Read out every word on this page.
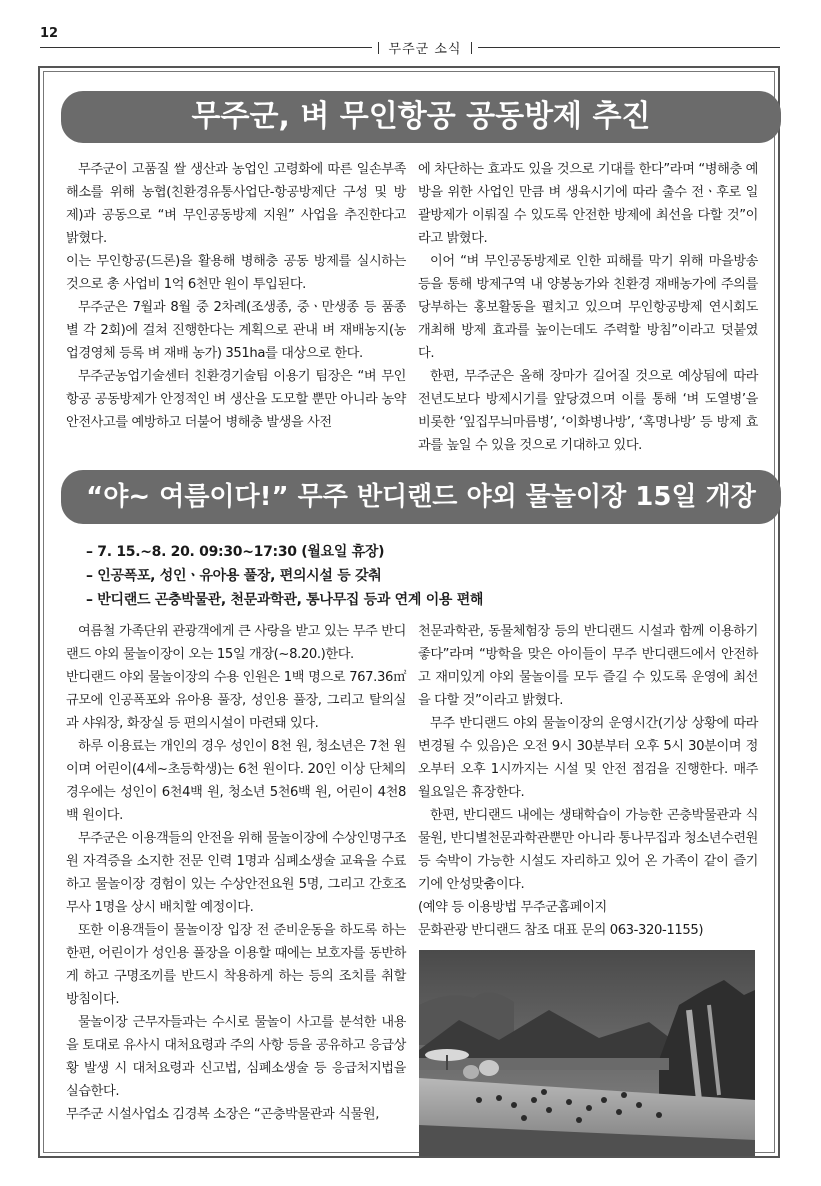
12
무주군 소식
무주군, 벼 무인항공 공동방제 추진

무주군이 고품질 쌀 생산과 농업인 고령화에 따른 일손부족 해소를 위해 농협(친환경유통사업단-항공방제단 구성 및 방제)과 공동으로 “벼 무인공동방제 지원” 사업을 추진한다고 밝혔다.

이는 무인항공(드론)을 활용해 병해충 공동 방제를 실시하는 것으로 총 사업비 1억 6천만 원이 투입된다.

무주군은 7월과 8월 중 2차례(조생종, 중ㆍ만생종 등 품종별 각 2회)에 걸쳐 진행한다는 계획으로 관내 벼 재배농지(농업경영체 등록 벼 재배 농가) 351ha를 대상으로 한다.

무주군농업기술센터 친환경기술팀 이용기 팀장은 “벼 무인항공 공동방제가 안정적인 벼 생산을 도모할 뿐만 아니라 농약안전사고를 예방하고 더불어 병해충 발생을 사전

에 차단하는 효과도 있을 것으로 기대를 한다”라며 “병해충 예방을 위한 사업인 만큼 벼 생육시기에 따라 출수 전ㆍ후로 일괄방제가 이뤄질 수 있도록 안전한 방제에 최선을 다할 것”이라고 밝혔다.

이어 “벼 무인공동방제로 인한 피해를 막기 위해 마을방송 등을 통해 방제구역 내 양봉농가와 친환경 재배농가에 주의를 당부하는 홍보활동을 펼치고 있으며 무인항공방제 연시회도 개최해 방제 효과를 높이는데도 주력할 방침”이라고 덧붙였다.

한편, 무주군은 올해 장마가 길어질 것으로 예상됨에 따라 전년도보다 방제시기를 앞당겼으며 이를 통해 ‘벼 도열병’을 비롯한 ‘잎집무늬마름병’, ‘이화병나방’, ‘혹명나방’ 등 방제 효과를 높일 수 있을 것으로 기대하고 있다.

“야~ 여름이다!” 무주 반디랜드 야외 물놀이장 15일 개장
– 7. 15.~8. 20. 09:30~17:30 (월요일 휴장)
– 인공폭포, 성인ㆍ유아용 풀장, 편의시설 등 갖춰
– 반디랜드 곤충박물관, 천문과학관, 통나무집 등과 연계 이용 편해

여름철 가족단위 관광객에게 큰 사랑을 받고 있는 무주 반디랜드 야외 물놀이장이 오는 15일 개장(~8.20.)한다.

반디랜드 야외 물놀이장의 수용 인원은 1백 명으로 767.36㎡ 규모에 인공폭포와 유아용 풀장, 성인용 풀장, 그리고 탈의실과 샤워장, 화장실 등 편의시설이 마련돼 있다.

하루 이용료는 개인의 경우 성인이 8천 원, 청소년은 7천 원이며 어린이(4세~초등학생)는 6천 원이다. 20인 이상 단체의 경우에는 성인이 6천4백 원, 청소년 5천6백 원, 어린이 4천8백 원이다.

무주군은 이용객들의 안전을 위해 물놀이장에 수상인명구조원 자격증을 소지한 전문 인력 1명과 심폐소생술 교육을 수료하고 물놀이장 경험이 있는 수상안전요원 5명, 그리고 간호조무사 1명을 상시 배치할 예정이다.

또한 이용객들이 물놀이장 입장 전 준비운동을 하도록 하는 한편, 어린이가 성인용 풀장을 이용할 때에는 보호자를 동반하게 하고 구명조끼를 반드시 착용하게 하는 등의 조치를 취할 방침이다.

물놀이장 근무자들과는 수시로 물놀이 사고를 분석한 내용을 토대로 유사시 대처요령과 주의 사항 등을 공유하고 응급상황 발생 시 대처요령과 신고법, 심폐소생술 등 응급처지법을 실습한다.

무주군 시설사업소 김경복 소장은 “곤충박물관과 식물원,

천문과학관, 동물체험장 등의 반디랜드 시설과 함께 이용하기 좋다”라며 “방학을 맞은 아이들이 무주 반디랜드에서 안전하고 재미있게 야외 물놀이를 모두 즐길 수 있도록 운영에 최선을 다할 것”이라고 밝혔다.

무주 반디랜드 야외 물놀이장의 운영시간(기상 상황에 따라 변경될 수 있음)은 오전 9시 30분부터 오후 5시 30분이며 정오부터 오후 1시까지는 시설 및 안전 점검을 진행한다. 매주 월요일은 휴장한다.

한편, 반디랜드 내에는 생태학습이 가능한 곤충박물관과 식물원, 반디별천문과학관뿐만 아니라 통나무집과 청소년수련원 등 숙박이 가능한 시설도 자리하고 있어 온 가족이 같이 즐기기에 안성맞춤이다.

(예약 등 이용방법 무주군홈페이지

문화관광 반디랜드 참조 대표 문의 063-320-1155)
